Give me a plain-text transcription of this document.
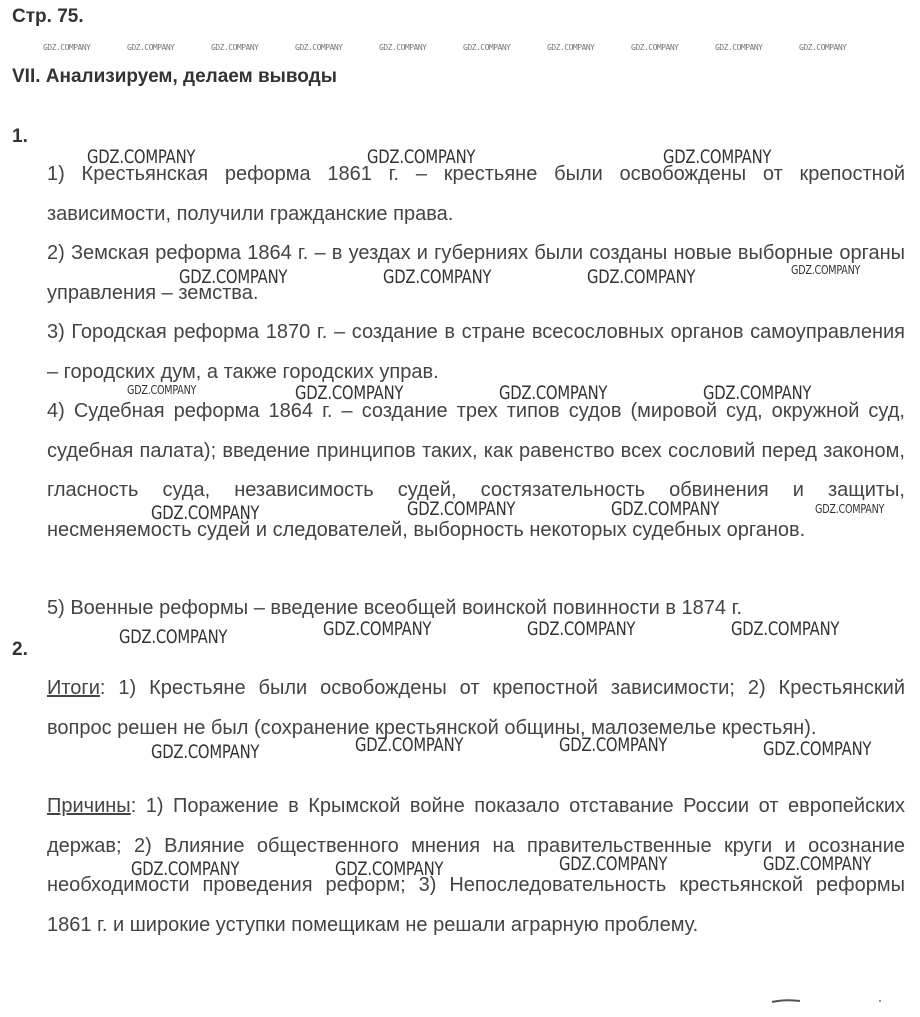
Стр. 75.
GDZ.COMPANY	GDZ.COMPANY	GDZ.COMPANY	GDZ.COMPANY	GDZ.COMPANY	GDZ.COMPANY	GDZ.COMPANY	GDZ.COMPANY	GDZ.COMPANY	GDZ.COMPANY
VII. Анализируем, делаем выводы
1.

1) Крестьянская реформа 1861 г. – крестьяне были освобождены от крепостной зависимости, получили гражданские права.

2) Земская реформа 1864 г. – в уездах и губерниях были созданы новые выборные органы управления – земства.

3) Городская реформа 1870 г. – создание в стране всесословных органов самоуправления – городских дум, а также городских управ.

4) Судебная реформа 1864 г. – создание трех типов судов (мировой суд, окружной суд, судебная палата); введение принципов таких, как равенство всех сословий перед законом, гласность суда, независимость судей, состязательность обвинения и защиты, несменяемость судей и следователей, выборность некоторых судебных органов.

5) Военные реформы – введение всеобщей воинской повинности в 1874 г.

2.

Итоги: 1) Крестьяне были освобождены от крепостной зависимости; 2) Крестьянский вопрос решен не был (сохранение крестьянской общины, малоземелье крестьян).

Причины: 1) Поражение в Крымской войне показало отставание России от европейских держав; 2) Влияние общественного мнения на правительственные круги и осознание необходимости проведения реформ; 3) Непоследовательность крестьянской реформы 1861 г. и широкие уступки помещикам не решали аграрную проблему.

GDZ.COMPANY	GDZ.COMPANY	GDZ.COMPANY
GDZ.COMPANY	GDZ.COMPANY	GDZ.COMPANY	GDZ.COMPANY
GDZ.COMPANY	GDZ.COMPANY	GDZ.COMPANY	GDZ.COMPANY
GDZ.COMPANY	GDZ.COMPANY	GDZ.COMPANY	GDZ.COMPANY
GDZ.COMPANY	GDZ.COMPANY	GDZ.COMPANY	GDZ.COMPANY
GDZ.COMPANY	GDZ.COMPANY	GDZ.COMPANY	GDZ.COMPANY
GDZ.COMPANY	GDZ.COMPANY	GDZ.COMPANY	GDZ.COMPANY
